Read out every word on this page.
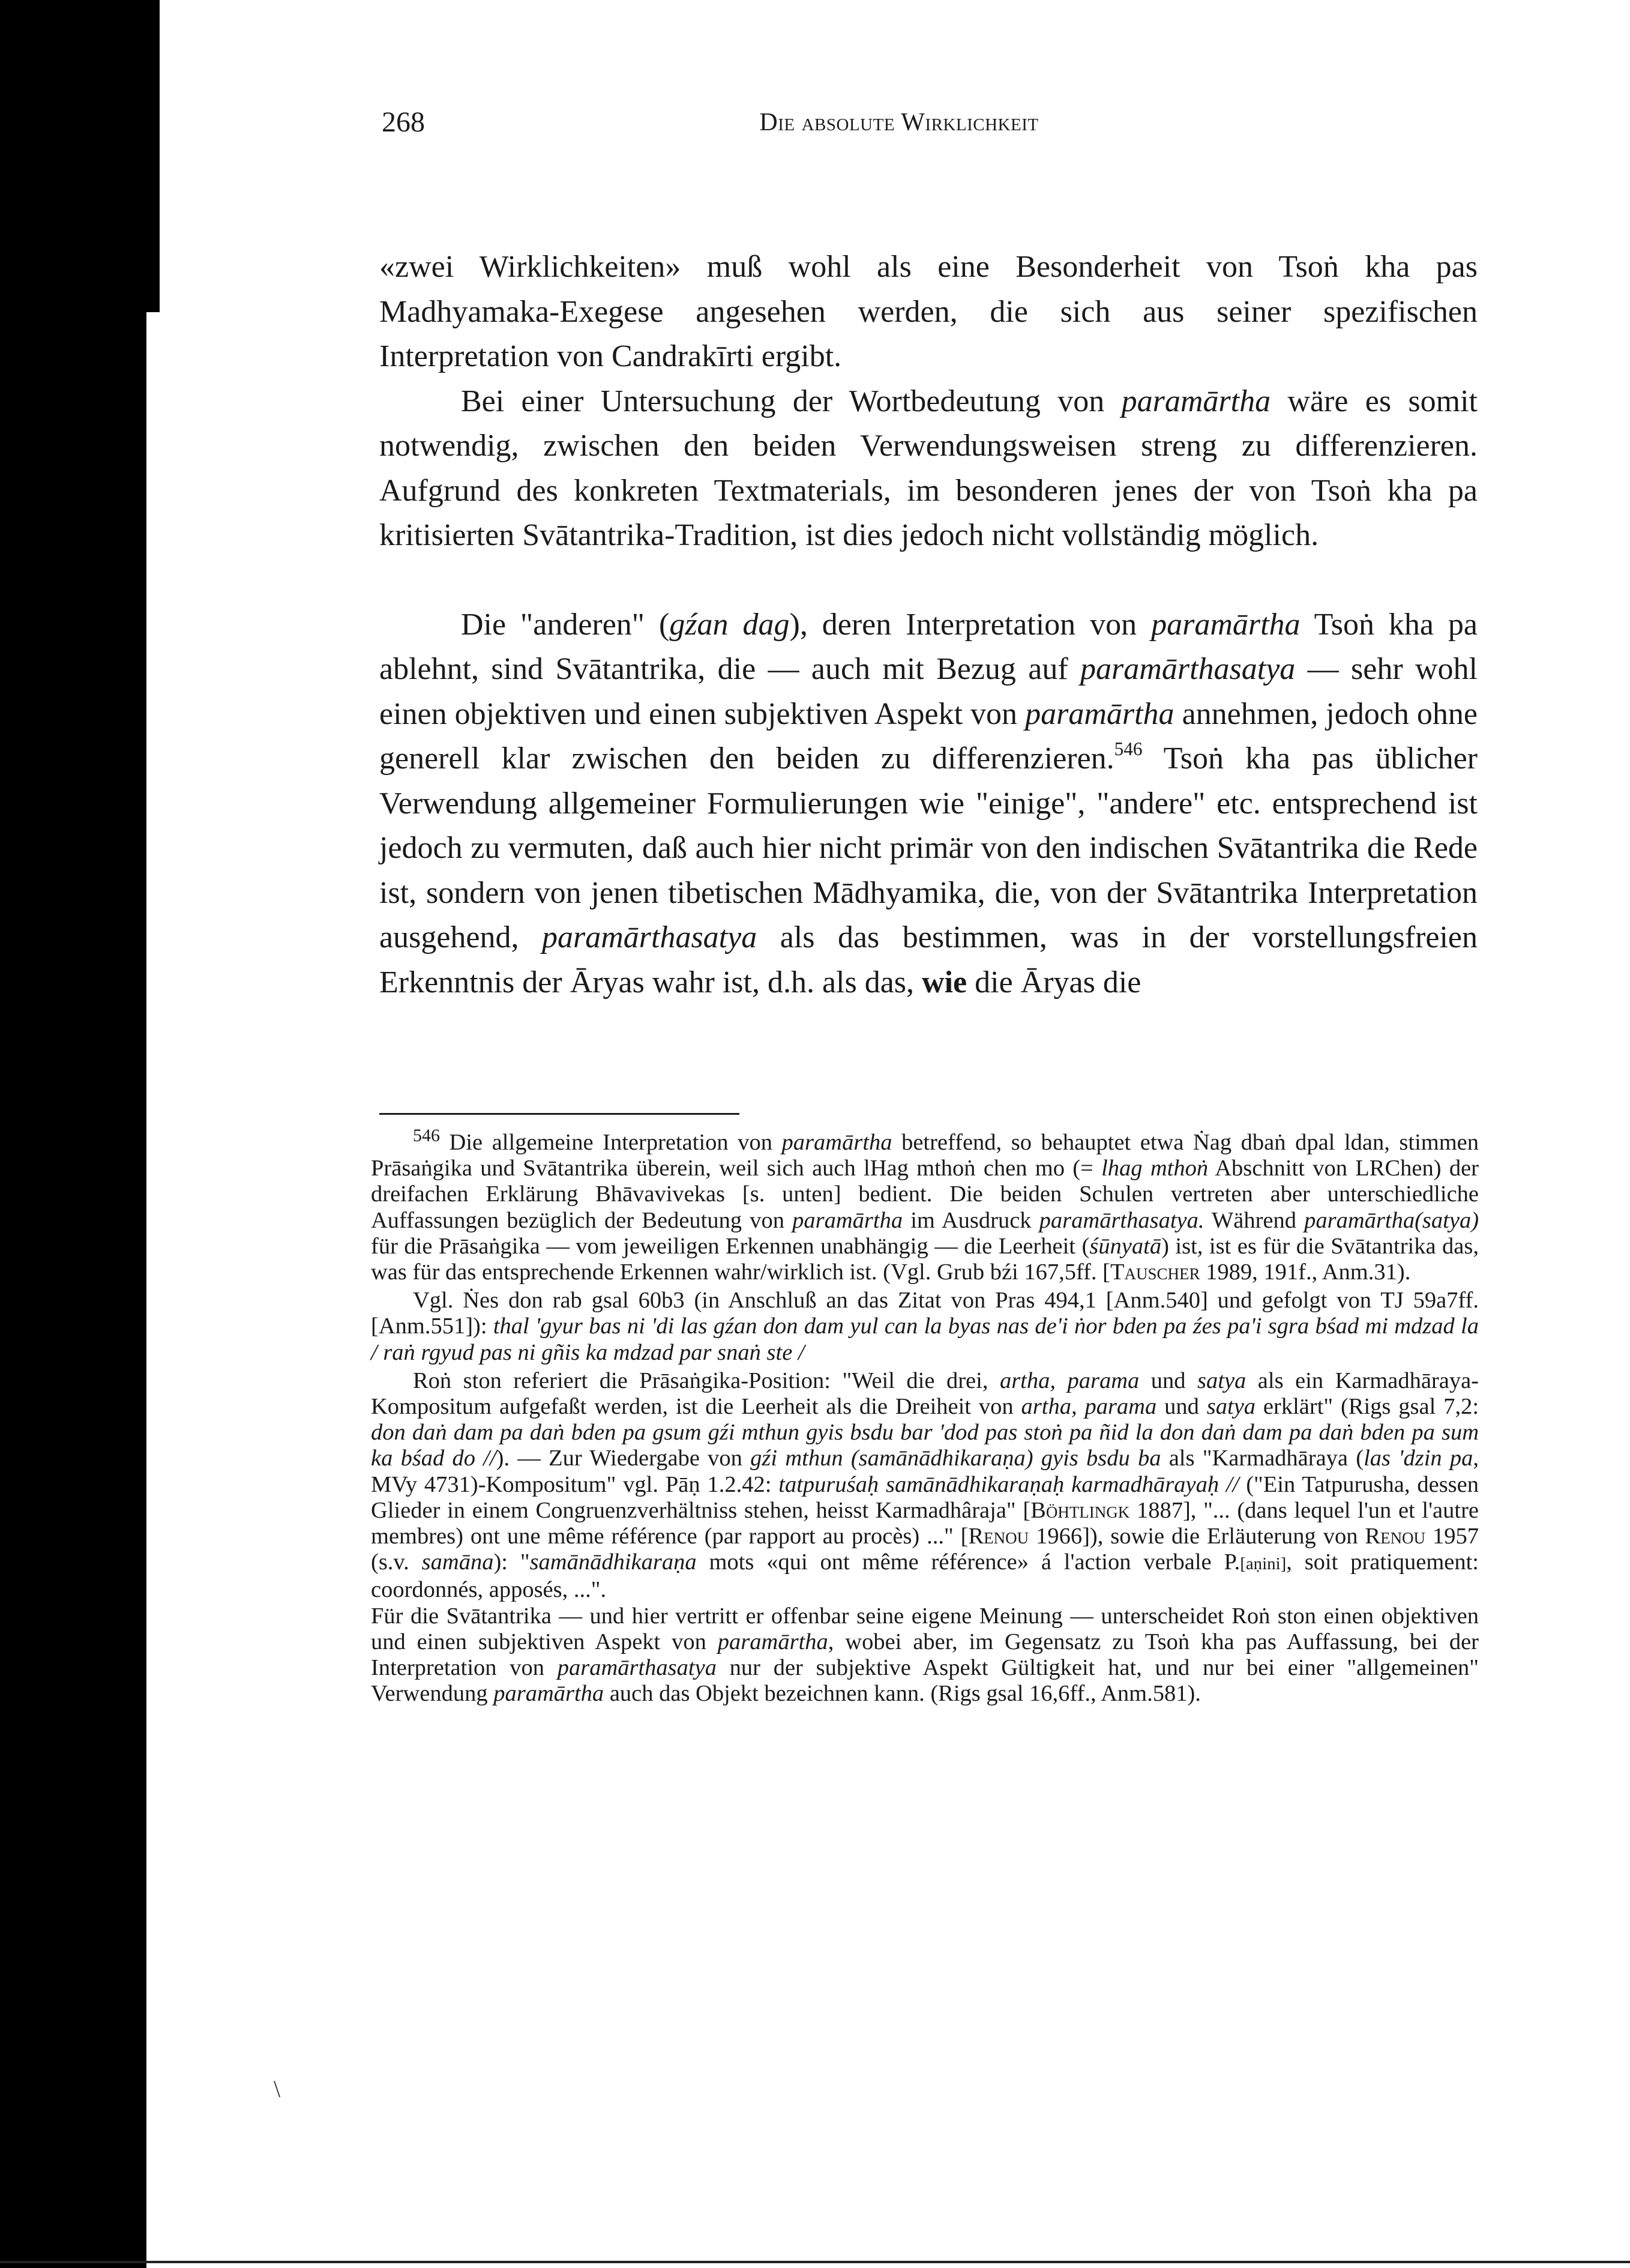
268	Die absolute Wirklichkeit

«zwei Wirklichkeiten» muß wohl als eine Besonderheit von Tsoṅ kha pas Madhyamaka-Exegese angesehen werden, die sich aus seiner spezifischen Interpretation von Candrakīrti ergibt.

Bei einer Untersuchung der Wortbedeutung von paramārtha wäre es somit notwendig, zwischen den beiden Verwendungsweisen streng zu differenzieren. Aufgrund des konkreten Textmaterials, im besonderen jenes der von Tsoṅ kha pa kritisierten Svātantrika-Tradition, ist dies jedoch nicht vollständig möglich.

Die "anderen" (gźan dag), deren Interpretation von paramārtha Tsoṅ kha pa ablehnt, sind Svātantrika, die — auch mit Bezug auf paramārthasatya — sehr wohl einen objektiven und einen subjektiven Aspekt von paramārtha annehmen, jedoch ohne generell klar zwischen den beiden zu differenzieren.$^{546}$ Tsoṅ kha pas üblicher Verwendung allgemeiner Formulierungen wie "einige", "andere" etc. entsprechend ist jedoch zu vermuten, daß auch hier nicht primär von den indischen Svātantrika die Rede ist, sondern von jenen tibetischen Mādhyamika, die, von der Svātantrika Interpretation ausgehend, paramārthasatya als das bestimmen, was in der vorstellungsfreien Erkenntnis der Āryas wahr ist, d.h. als das, wie die Āryas die

$^{546}$ Die allgemeine Interpretation von paramārtha betreffend, so behauptet etwa Ṅag dbaṅ dpal ldan, stimmen Prāsaṅgika und Svātantrika überein, weil sich auch lHag mthoṅ chen mo (= lhag mthoṅ Abschnitt von LRChen) der dreifachen Erklärung Bhāvavivekas [s. unten] bedient. Die beiden Schulen vertreten aber unterschiedliche Auffassungen bezüglich der Bedeutung von paramārtha im Ausdruck paramārthasatya. Während paramārtha(satya) für die Prāsaṅgika — vom jeweiligen Erkennen unabhängig — die Leerheit (śūnyatā) ist, ist es für die Svātantrika das, was für das entsprechende Erkennen wahr/wirklich ist. (Vgl. Grub bźi 167,5ff. [Tauscher 1989, 191f., Anm.31).

Vgl. Ṅes don rab gsal 60b3 (in Anschluß an das Zitat von Pras 494,1 [Anm.540] und gefolgt von TJ 59a7ff. [Anm.551]): thal 'gyur bas ni 'di las gźan don dam yul can la byas nas de'i ṅor bden pa źes pa'i sgra bśad mi mdzad la / raṅ rgyud pas ni gñis ka mdzad par snaṅ ste /

Roṅ ston referiert die Prāsaṅgika-Position: "Weil die drei, artha, parama und satya als ein Karmadhāraya-Kompositum aufgefaßt werden, ist die Leerheit als die Dreiheit von artha, parama und satya erklärt" (Rigs gsal 7,2: don daṅ dam pa daṅ bden pa gsum gźi mthun gyis bsdu bar 'dod pas stoṅ pa ñid la don daṅ dam pa daṅ bden pa sum ka bśad do //). — Zur Wiedergabe von gźi mthun (samānādhikaraṇa) gyis bsdu ba als "Karmadhāraya (las 'dzin pa, MVy 4731)-Kompositum" vgl. Pāṇ 1.2.42: tatpuruśaḥ samānādhikaraṇaḥ karmadhārayaḥ // ("Ein Tatpurusha, dessen Glieder in einem Congruenzverhältniss stehen, heisst Karmadhâraja" [Böhtlingk 1887], "... (dans lequel l'un et l'autre membres) ont une même référence (par rapport au procès) ..." [Renou 1966]), sowie die Erläuterung von Renou 1957 (s.v. samāna): "samānādhikaraṇa mots «qui ont même référence» á l'action verbale P.[aṇini], soit pratiquement: coordonnés, apposés, ...".

Für die Svātantrika — und hier vertritt er offenbar seine eigene Meinung — unterscheidet Roṅ ston einen objektiven und einen subjektiven Aspekt von paramārtha, wobei aber, im Gegensatz zu Tsoṅ kha pas Auffassung, bei der Interpretation von paramārthasatya nur der subjektive Aspekt Gültigkeit hat, und nur bei einer "allgemeinen" Verwendung paramārtha auch das Objekt bezeichnen kann. (Rigs gsal 16,6ff., Anm.581).

\
